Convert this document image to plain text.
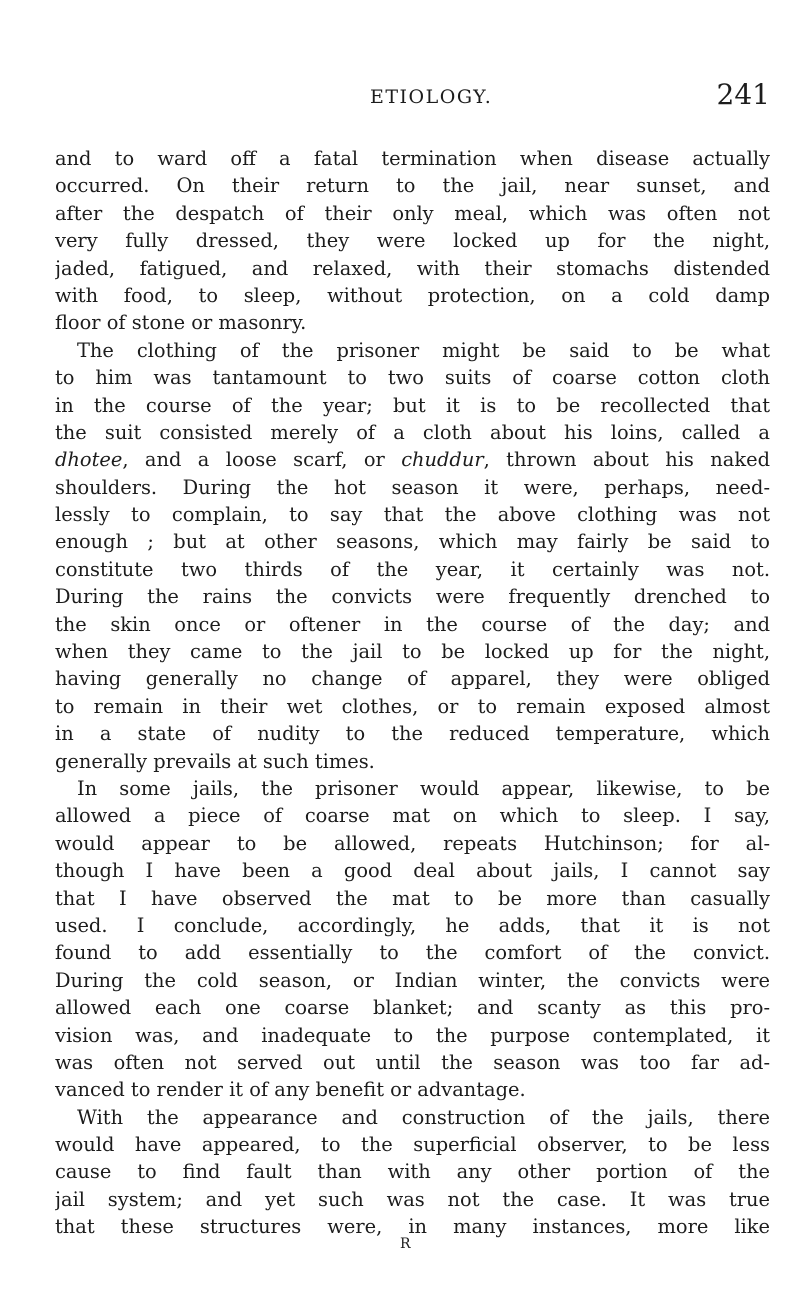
ETIOLOGY.	241
and to ward off a fatal termination when disease actually
occurred. On their return to the jail, near sunset, and
after the despatch of their only meal, which was often not
very fully dressed, they were locked up for the night,
jaded, fatigued, and relaxed, with their stomachs distended
with food, to sleep, without protection, on a cold damp
floor of stone or masonry.
The clothing of the prisoner might be said to be what
to him was tantamount to two suits of coarse cotton cloth
in the course of the year; but it is to be recollected that
the suit consisted merely of a cloth about his loins, called a
dhotee, and a loose scarf, or chuddur, thrown about his naked
shoulders. During the hot season it were, perhaps, need-
lessly to complain, to say that the above clothing was not
enough ; but at other seasons, which may fairly be said to
constitute two thirds of the year, it certainly was not.
During the rains the convicts were frequently drenched to
the skin once or oftener in the course of the day; and
when they came to the jail to be locked up for the night,
having generally no change of apparel, they were obliged
to remain in their wet clothes, or to remain exposed almost
in a state of nudity to the reduced temperature, which
generally prevails at such times.
In some jails, the prisoner would appear, likewise, to be
allowed a piece of coarse mat on which to sleep. I say,
would appear to be allowed, repeats Hutchinson; for al-
though I have been a good deal about jails, I cannot say
that I have observed the mat to be more than casually
used. I conclude, accordingly, he adds, that it is not
found to add essentially to the comfort of the convict.
During the cold season, or Indian winter, the convicts were
allowed each one coarse blanket; and scanty as this pro-
vision was, and inadequate to the purpose contemplated, it
was often not served out until the season was too far ad-
vanced to render it of any benefit or advantage.
With the appearance and construction of the jails, there
would have appeared, to the superficial observer, to be less
cause to find fault than with any other portion of the
jail system; and yet such was not the case. It was true
that these structures were, in many instances, more like
R
